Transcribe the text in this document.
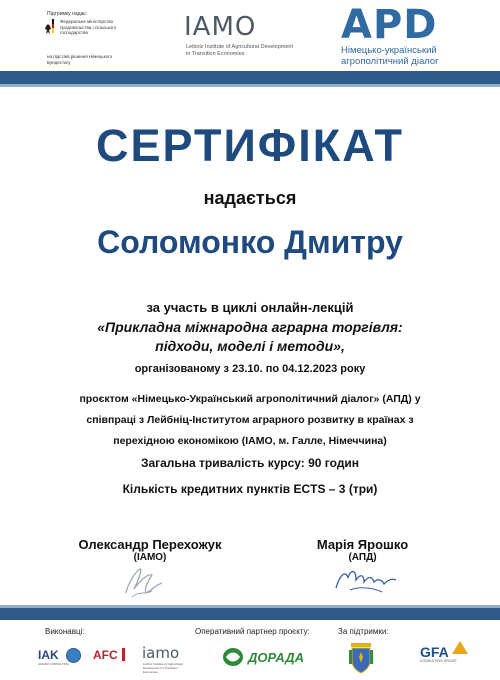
Підтримку надає:
Федеральне міністерство продовольства і сільського господарства
на підставі рішення Німецького Бундестагу
IAMO
Leibniz Institute of Agricultural Development in Transition Economies
APD
Німецько-український агрополітичний діалог
СЕРТИФІКАТ
надається
Соломонко Дмитру
за участь в циклі онлайн-лекцій
«Прикладна міжнародна аграрна торгівля: підходи, моделі і методи»,
організованому з 23.10. по 04.12.2023 року
проєктом «Німецько-Український агрополітичний діалог» (АПД) у співпраці з Лейбніц-Інститутом аграрного розвитку в країнах з перехідною економікою (IAMO, м. Галле, Німеччина)
Загальна тривалість курсу: 90 годин
Кількість кредитних пунктів ECTS – 3 (три)
Олександр Перехожук
(IAMO)
Марія Ярошко
(АПД)
Виконавці:	Оперативний партнер проєкту:	За підтримки:
IAK
AGRAR CONSULTING
AFC iamo
Leibniz Institute of Agricultural Development in Transition Economies
ДОРАДА	GFA
CONSULTING GROUP
